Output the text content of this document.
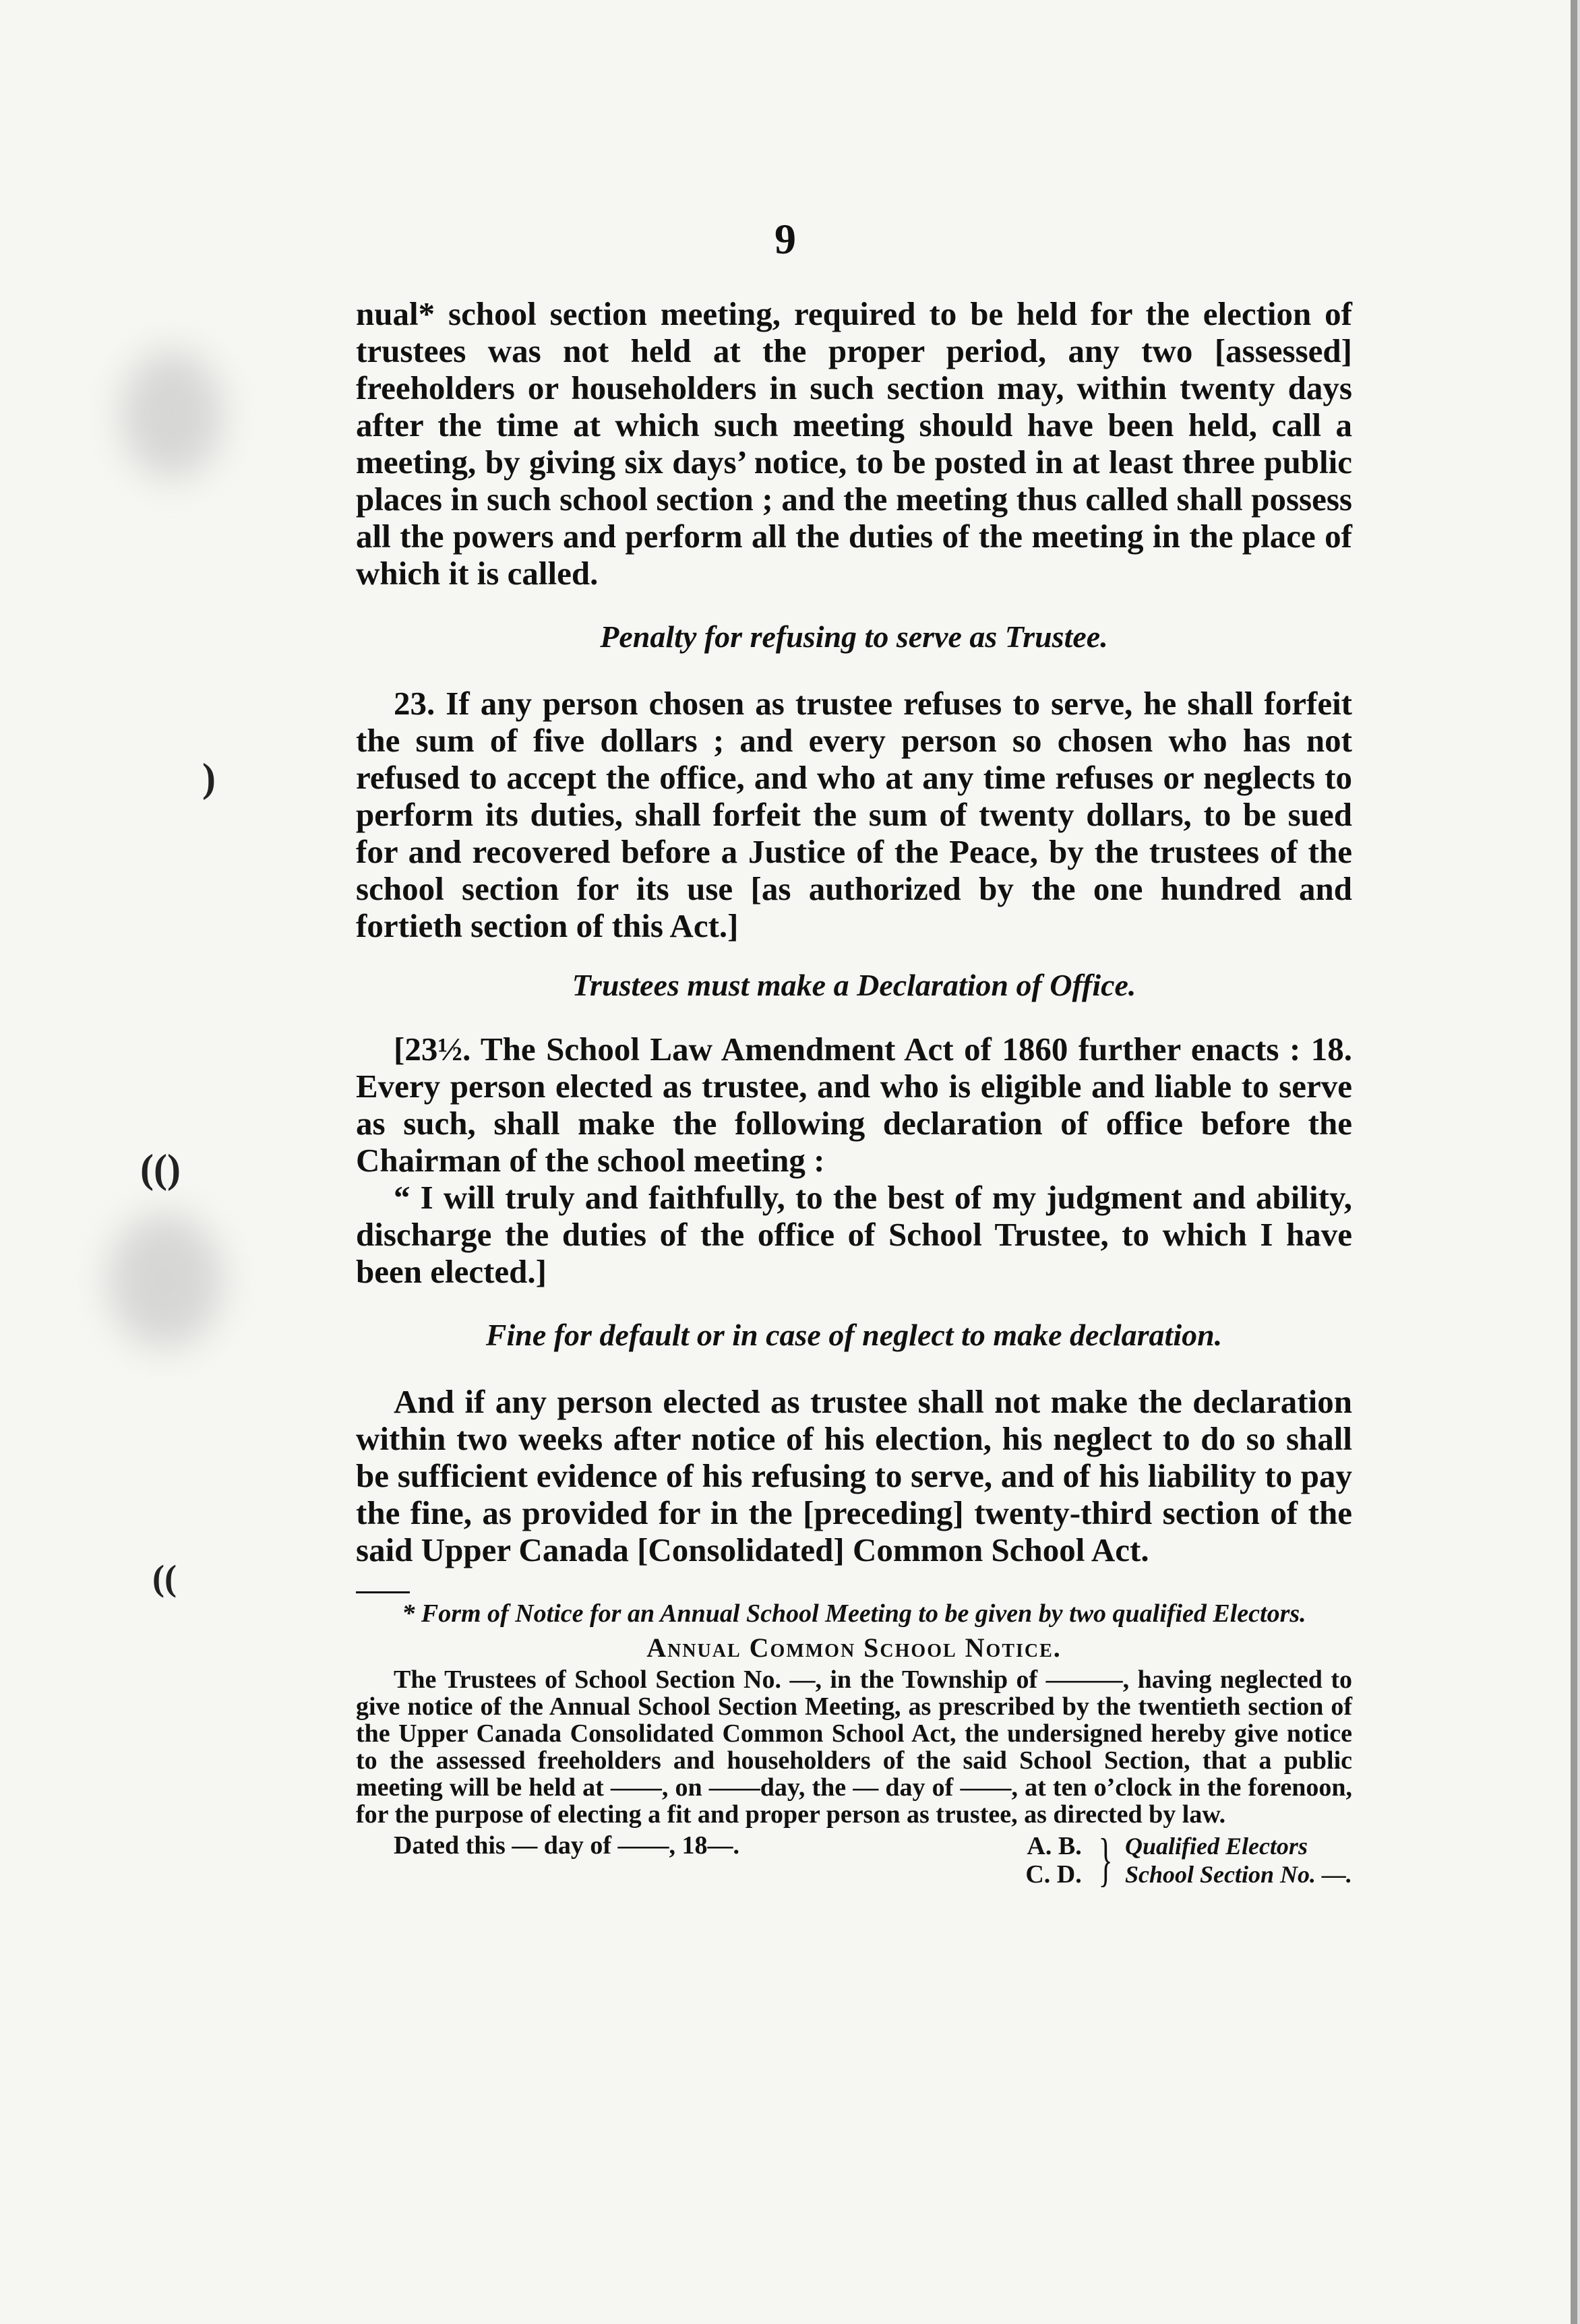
)
(()
((
9

nual* school section meeting, required to be held for the election of trustees was not held at the proper period, any two [assessed] freeholders or householders in such section may, within twenty days after the time at which such meeting should have been held, call a meeting, by giving six days’ notice, to be posted in at least three public places in such school section ; and the meeting thus called shall possess all the powers and perform all the duties of the meeting in the place of which it is called.

Penalty for refusing to serve as Trustee.

23. If any person chosen as trustee refuses to serve, he shall forfeit the sum of five dollars ; and every person so chosen who has not refused to accept the office, and who at any time refuses or neglects to perform its duties, shall forfeit the sum of twenty dollars, to be sued for and recovered before a Justice of the Peace, by the trustees of the school section for its use [as authorized by the one hundred and fortieth section of this Act.]

Trustees must make a Declaration of Office.

[23½. The School Law Amendment Act of 1860 further enacts : 18. Every person elected as trustee, and who is eligible and liable to serve as such, shall make the following declaration of office before the Chairman of the school meeting :

“ I will truly and faithfully, to the best of my judgment and ability, discharge the duties of the office of School Trustee, to which I have been elected.]

Fine for default or in case of neglect to make declaration.

And if any person elected as trustee shall not make the declaration within two weeks after notice of his election, his neglect to do so shall be sufficient evidence of his refusing to serve, and of his liability to pay the fine, as provided for in the [preceding] twenty-third section of the said Upper Canada [Consolidated] Common School Act.

* Form of Notice for an Annual School Meeting to be given by two qualified Electors.

Annual Common School Notice.

The Trustees of School Section No. —, in the Township of ———, having neglected to give notice of the Annual School Section Meeting, as prescribed by the twentieth section of the Upper Canada Consolidated Common School Act, the undersigned hereby give notice to the assessed freeholders and householders of the said School Section, that a public meeting will be held at ——, on ——day, the — day of ——, at ten o’clock in the forenoon, for the purpose of electing a fit and proper person as trustee, as directed by law.

Dated this — day of ——, 18—.	A. B.
C. D. } Qualified Electors
School Section No. —.
